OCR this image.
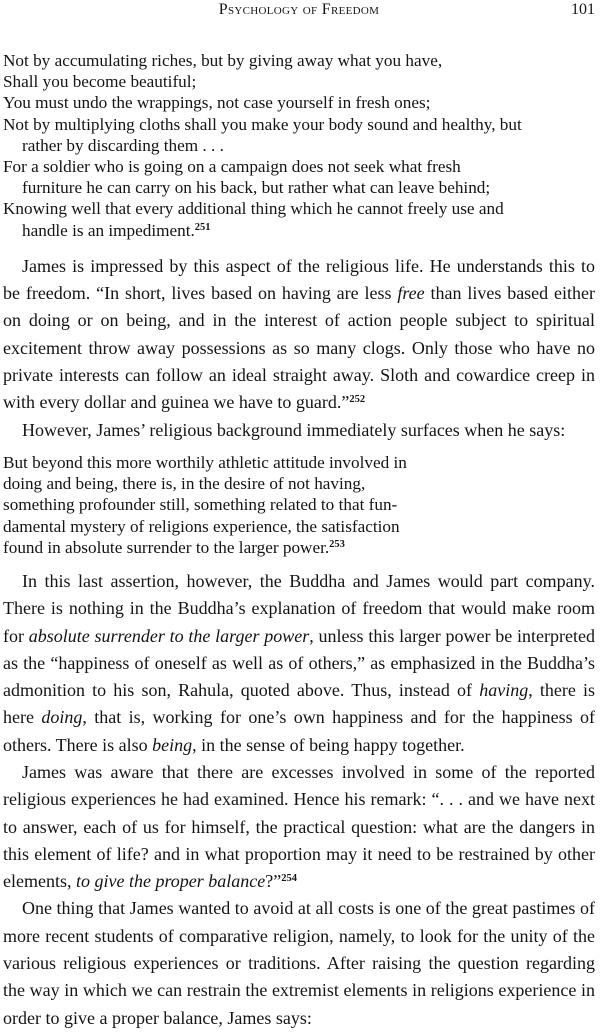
Psychology of Freedom	101
Not by accumulating riches, but by giving away what you have,
Shall you become beautiful;
You must undo the wrappings, not case yourself in fresh ones;
Not by multiplying cloths shall you make your body sound and healthy, but rather by discarding them . . .
For a soldier who is going on a campaign does not seek what fresh furniture he can carry on his back, but rather what can leave behind;
Knowing well that every additional thing which he cannot freely use and handle is an impediment.$^{251}$

James is impressed by this aspect of the religious life. He understands this to be freedom. “In short, lives based on having are less free than lives based either on doing or on being, and in the interest of action people subject to spiritual excitement throw away possessions as so many clogs. Only those who have no private interests can follow an ideal straight away. Sloth and cowardice creep in with every dollar and guinea we have to guard.”$^{252}$

However, James’ religious background immediately surfaces when he says:

But beyond this more worthily athletic attitude involved in
doing and being, there is, in the desire of not having,
something profounder still, something related to that fun-
damental mystery of religions experience, the satisfaction
found in absolute surrender to the larger power.$^{253}$

In this last assertion, however, the Buddha and James would part company. There is nothing in the Buddha’s explanation of freedom that would make room for absolute surrender to the larger power, unless this larger power be interpreted as the “happiness of oneself as well as of others,” as emphasized in the Buddha’s admonition to his son, Rahula, quoted above. Thus, instead of having, there is here doing, that is, working for one’s own happiness and for the happiness of others. There is also being, in the sense of being happy together.

James was aware that there are excesses involved in some of the reported religious experiences he had examined. Hence his remark: “. . . and we have next to answer, each of us for himself, the practical question: what are the dangers in this element of life? and in what proportion may it need to be restrained by other elements, to give the proper balance?”$^{254}$

One thing that James wanted to avoid at all costs is one of the great pastimes of more recent students of comparative religion, namely, to look for the unity of the various religious experiences or traditions. After raising the question regarding the way in which we can restrain the extremist elements in religions experience in order to give a proper balance, James says:
